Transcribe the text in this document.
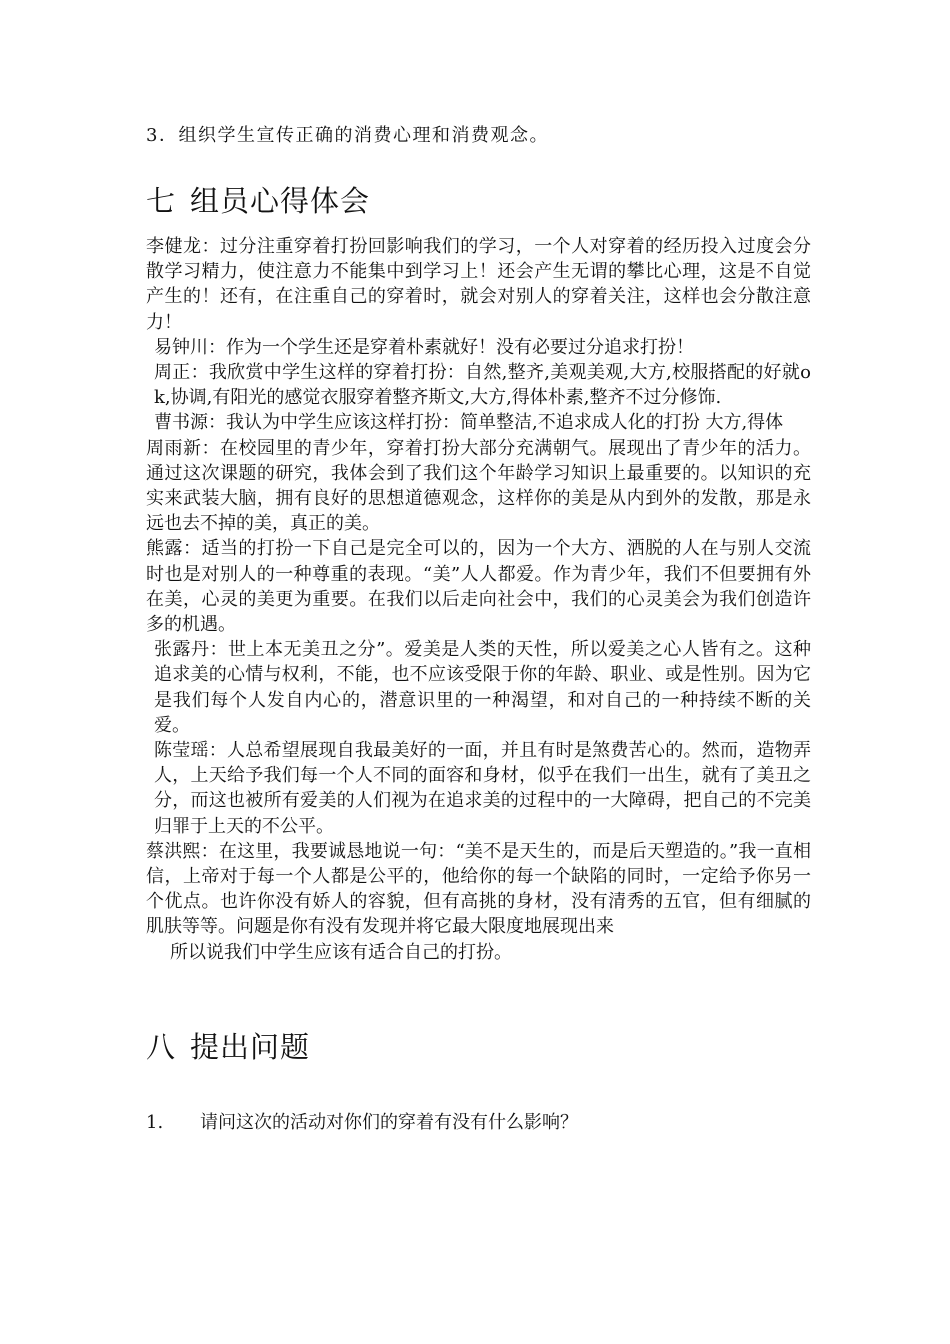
3．组织学生宣传正确的消费心理和消费观念。
七 组员心得体会

李健龙：过分注重穿着打扮回影响我们的学习，一个人对穿着的经历投入过度会分散学习精力，使注意力不能集中到学习上！还会产生无谓的攀比心理，这是不自觉产生的！还有，在注重自己的穿着时，就会对别人的穿着关注，这样也会分散注意力！

易钟川：作为一个学生还是穿着朴素就好！没有必要过分追求打扮！

周正：我欣赏中学生这样的穿着打扮：自然,整齐,美观美观,大方,校服搭配的好就ok,协调,有阳光的感觉衣服穿着整齐斯文,大方,得体朴素,整齐不过分修饰.

曹书源：我认为中学生应该这样打扮：简单整洁,不追求成人化的打扮 大方,得体

周雨新：在校园里的青少年，穿着打扮大部分充满朝气。展现出了青少年的活力。通过这次课题的研究，我体会到了我们这个年龄学习知识上最重要的。以知识的充实来武装大脑，拥有良好的思想道德观念，这样你的美是从内到外的发散，那是永远也去不掉的美，真正的美。

熊露：适当的打扮一下自己是完全可以的，因为一个大方、洒脱的人在与别人交流时也是对别人的一种尊重的表现。“美”人人都爱。作为青少年，我们不但要拥有外在美，心灵的美更为重要。在我们以后走向社会中，我们的心灵美会为我们创造许多的机遇。

张露丹：世上本无美丑之分”。爱美是人类的天性，所以爱美之心人皆有之。这种追求美的心情与权利，不能，也不应该受限于你的年龄、职业、或是性别。因为它是我们每个人发自内心的，潜意识里的一种渴望，和对自己的一种持续不断的关爱。

陈莹瑶：人总希望展现自我最美好的一面，并且有时是煞费苦心的。然而，造物弄人，上天给予我们每一个人不同的面容和身材，似乎在我们一出生，就有了美丑之分，而这也被所有爱美的人们视为在追求美的过程中的一大障碍，把自己的不完美归罪于上天的不公平。

蔡洪熙：在这里，我要诚恳地说一句：“美不是天生的，而是后天塑造的。”我一直相信，上帝对于每一个人都是公平的，他给你的每一个缺陷的同时，一定给予你另一个优点。也许你没有娇人的容貌，但有高挑的身材，没有清秀的五官，但有细腻的肌肤等等。问题是你有没有发现并将它最大限度地展现出来

所以说我们中学生应该有适合自己的打扮。

八 提出问题
1. 请问这次的活动对你们的穿着有没有什么影响？
